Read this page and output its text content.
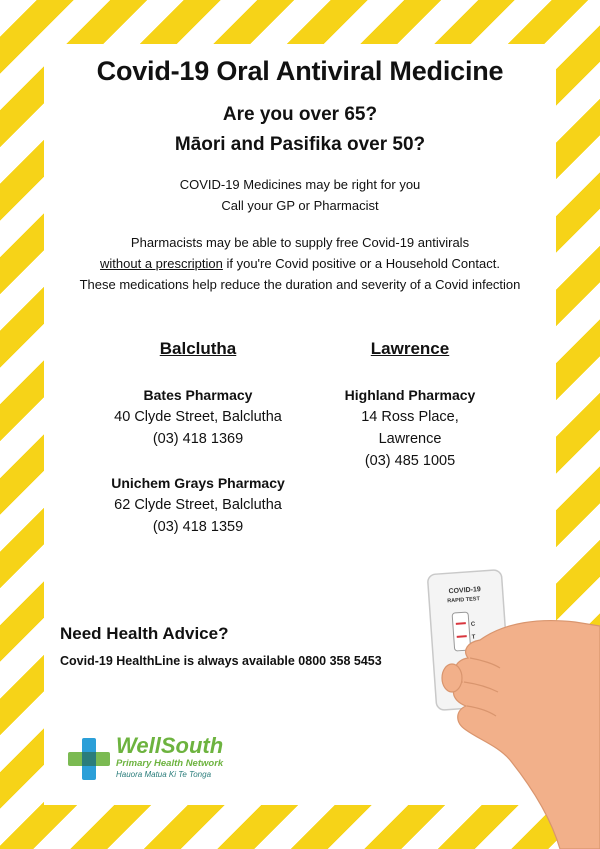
Covid-19 Oral Antiviral Medicine
Are you over 65?
Māori and Pasifika over 50?
COVID-19 Medicines may be right for you
Call your GP or Pharmacist
Pharmacists may be able to supply free Covid-19 antivirals
without a prescription if you're Covid positive or a Household Contact.
These medications help reduce the duration and severity of a Covid infection
Balclutha
Bates Pharmacy
40 Clyde Street, Balclutha
(03) 418 1369
Unichem Grays Pharmacy
62 Clyde Street, Balclutha
(03) 418 1359
Lawrence
Highland Pharmacy
14 Ross Place,
Lawrence
(03) 485 1005
Need Health Advice?
Covid-19 HealthLine is always available 0800 358 5453
WellSouth
Primary Health Network
Hauora Matua Ki Te Tonga
COVID-19
RAPID TEST
C
T
